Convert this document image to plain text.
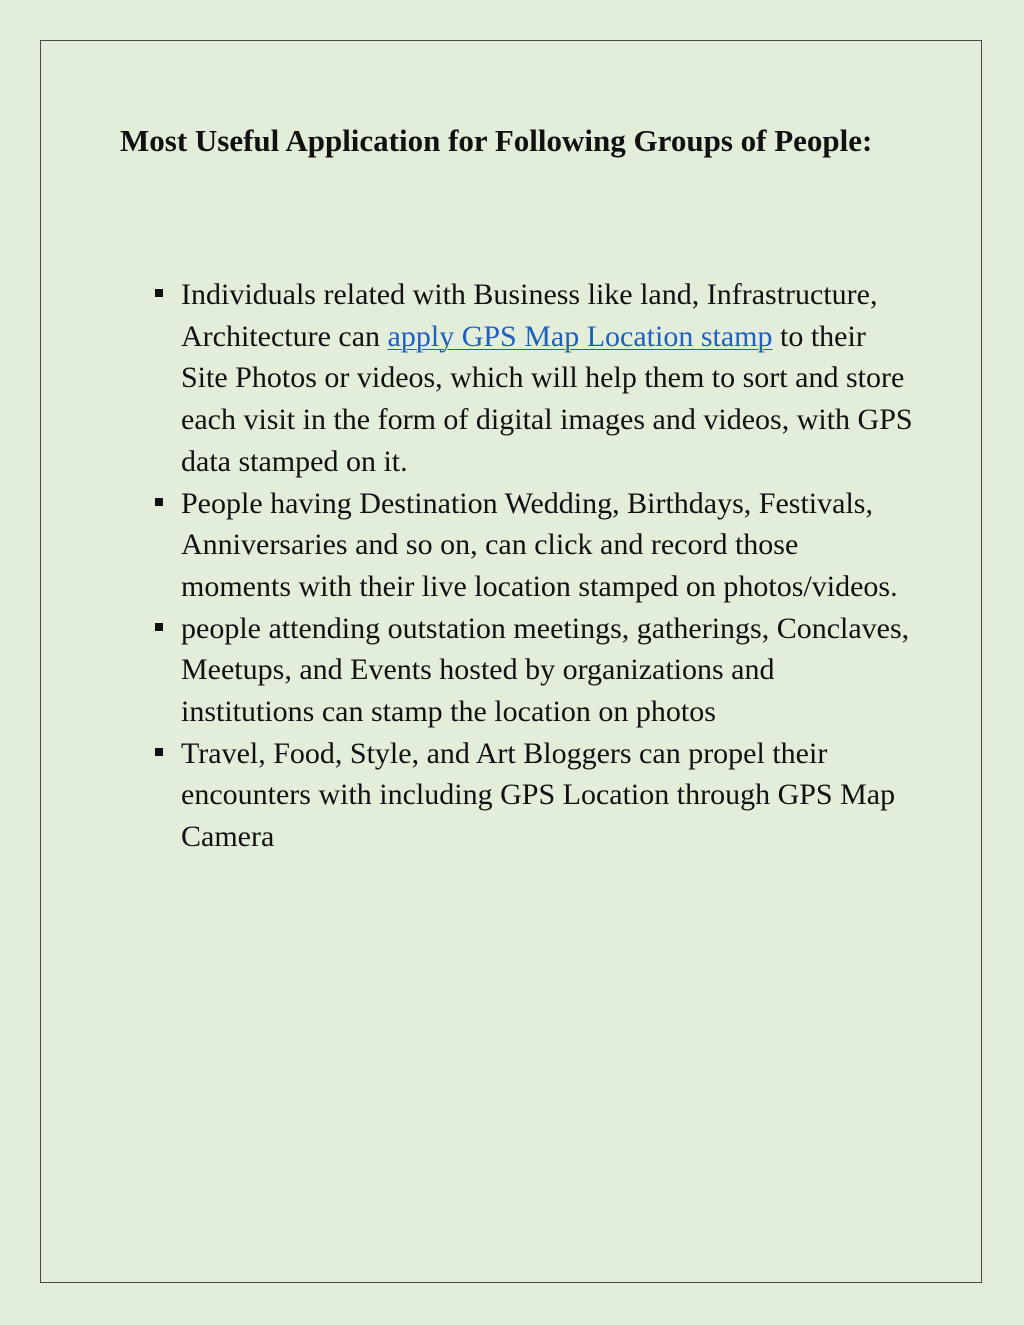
Most Useful Application for Following Groups of People:
Individuals related with Business like land, Infrastructure, Architecture can apply GPS Map Location stamp to their Site Photos or videos, which will help them to sort and store each visit in the form of digital images and videos, with GPS data stamped on it.
People having Destination Wedding, Birthdays, Festivals, Anniversaries and so on, can click and record those moments with their live location stamped on photos/videos.
people attending outstation meetings, gatherings, Conclaves, Meetups, and Events hosted by organizations and institutions can stamp the location on photos
Travel, Food, Style, and Art Bloggers can propel their encounters with including GPS Location through GPS Map Camera
